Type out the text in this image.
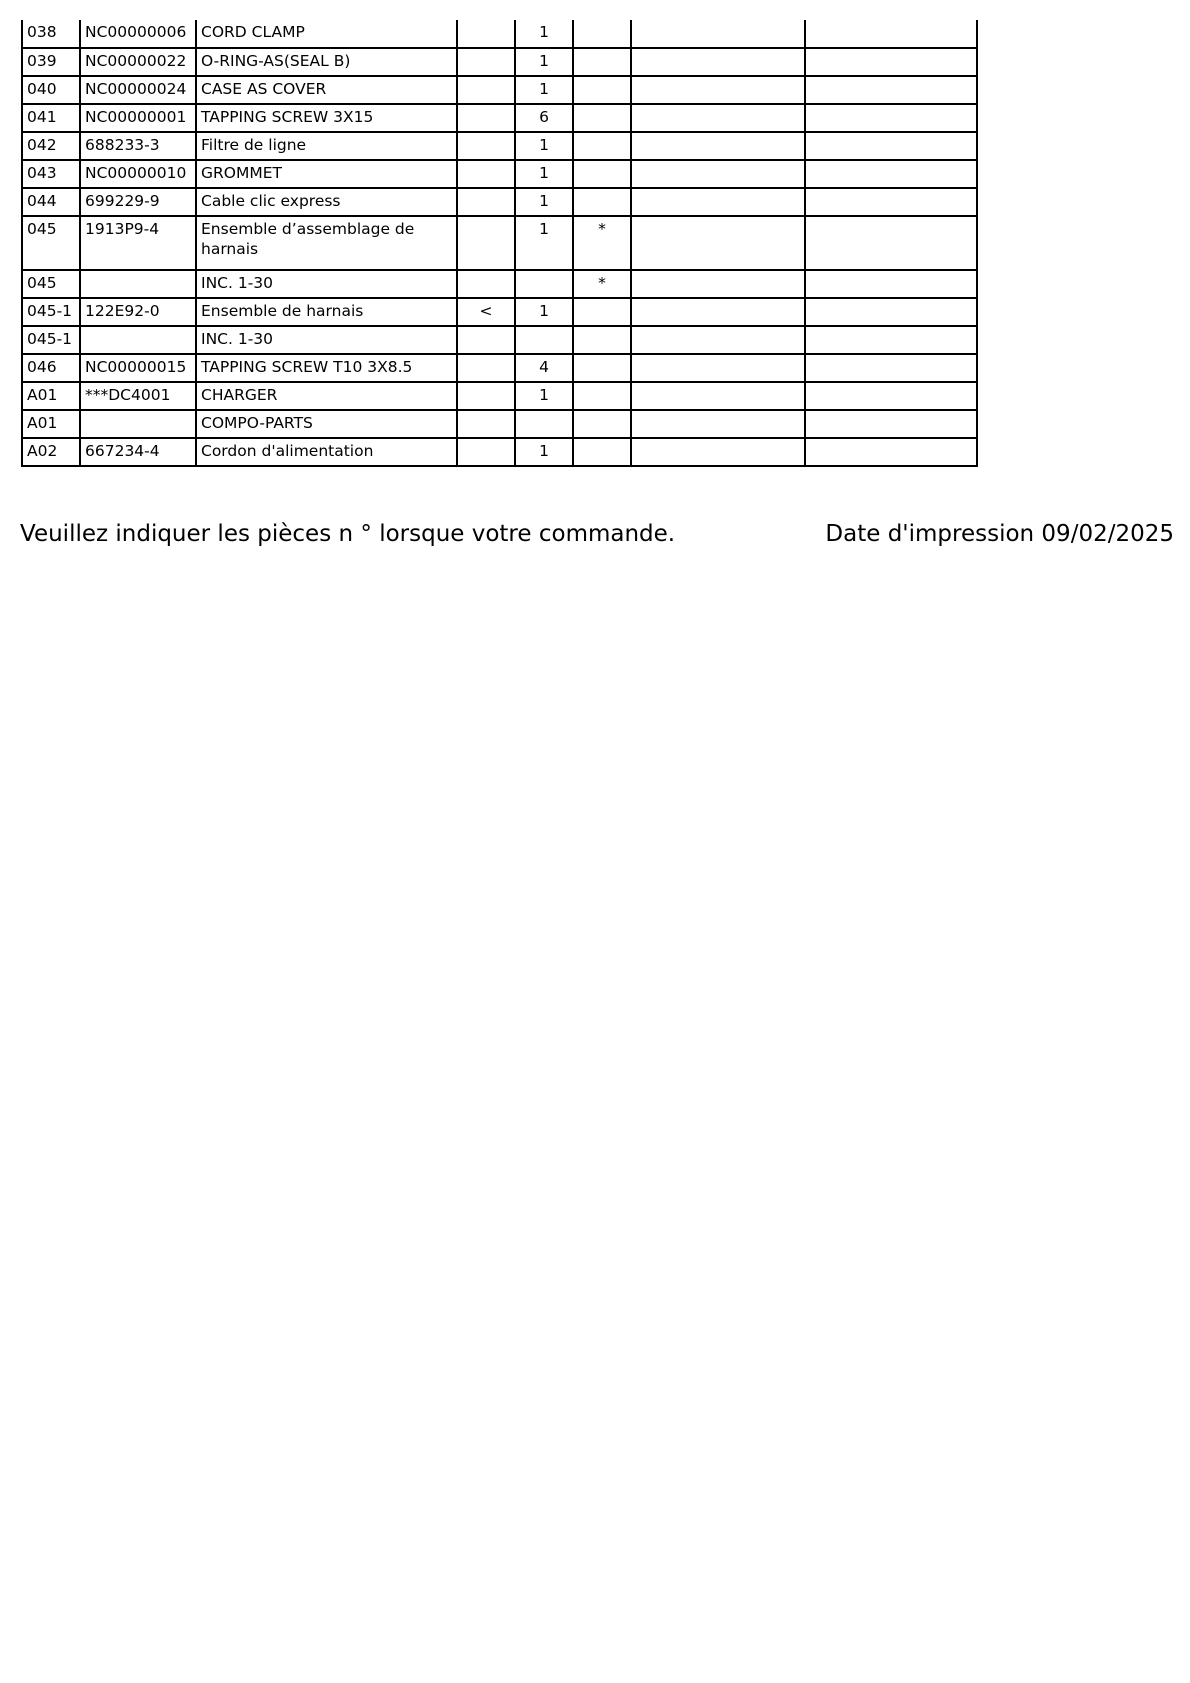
038	NC00000006	CORD CLAMP		1			
039	NC00000022	O-RING-AS(SEAL B)		1			
040	NC00000024	CASE AS COVER		1			
041	NC00000001	TAPPING SCREW 3X15		6			
042	688233-3	Filtre de ligne		1			
043	NC00000010	GROMMET		1			
044	699229-9	Cable clic express		1			
045	1913P9-4	Ensemble d’assemblage de harnais		1	*		
045		INC. 1-30			*		
045-1	122E92-0	Ensemble de harnais	<	1			
045-1		INC. 1-30					
046	NC00000015	TAPPING SCREW T10 3X8.5		4			
A01	***DC4001	CHARGER		1			
A01		COMPO-PARTS					
A02	667234-4	Cordon d'alimentation		1			
Veuillez indiquer les pièces n ° lorsque votre commande.	Date d'impression 09/02/2025
